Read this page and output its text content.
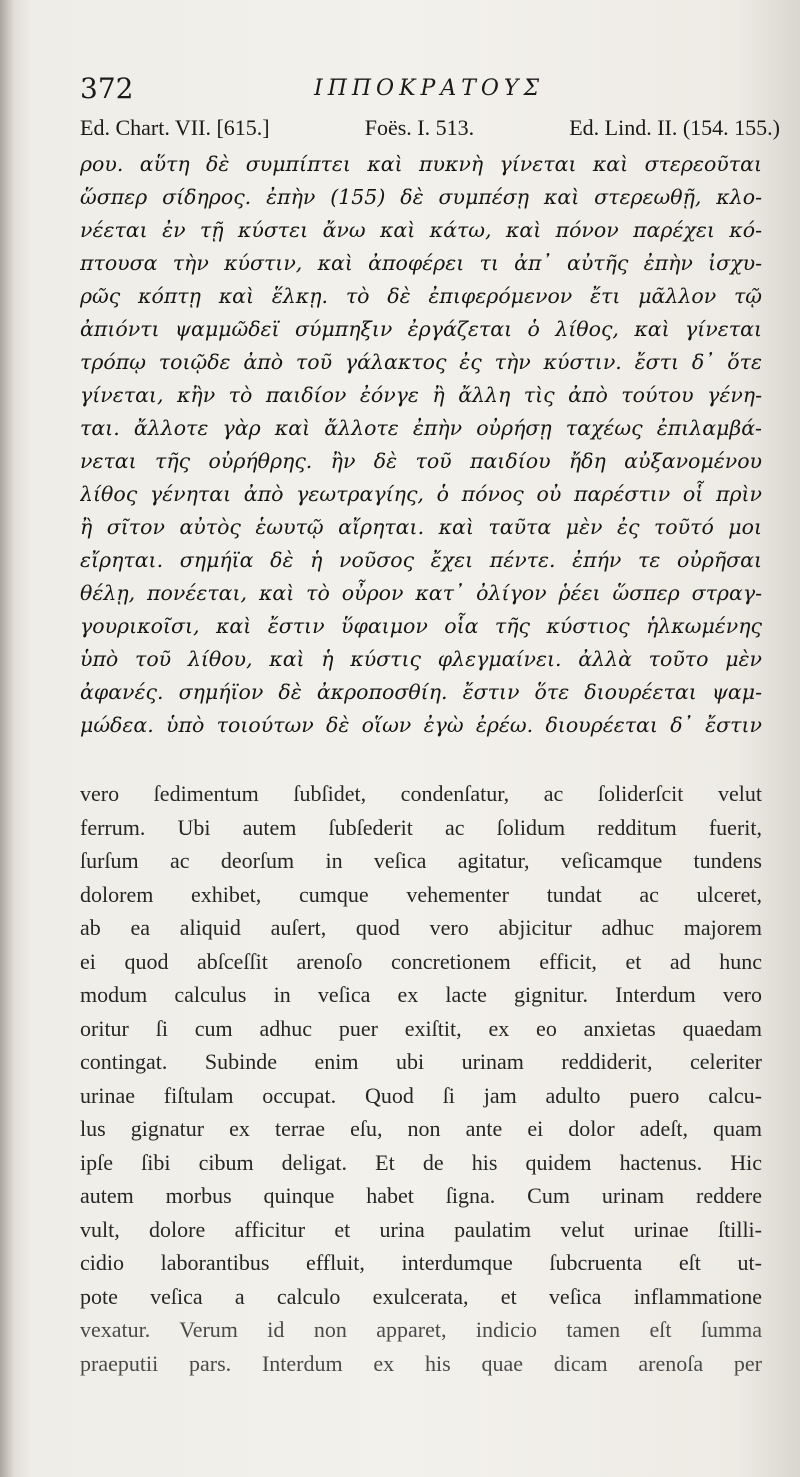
372	ΙΠΠΟΚΡΑΤΟΥΣ
Ed. Chart. VII. [615.]	Foës. I. 513.	Ed. Lind. II. (154. 155.)
ρου. αὕτη δὲ συμπίπτει καὶ πυκνὴ γίνεται καὶ στερεοῦται
ὥσπερ σίδηρος. ἐπὴν (155) δὲ συμπέσῃ καὶ στερεωθῇ, κλο-
νέεται ἐν τῇ κύστει ἄνω καὶ κάτω, καὶ πόνον παρέχει κό-
πτουσα τὴν κύστιν, καὶ ἀποφέρει τι ἀπ᾽ αὐτῆς ἐπὴν ἰσχυ-
ρῶς κόπτῃ καὶ ἕλκῃ. τὸ δὲ ἐπιφερόμενον ἔτι μᾶλλον τῷ
ἀπιόντι ψαμμῶδεϊ σύμπηξιν ἐργάζεται ὁ λίθος, καὶ γίνεται
τρόπῳ τοιῷδε ἀπὸ τοῦ γάλακτος ἐς τὴν κύστιν. ἔστι δ᾽ ὅτε
γίνεται, κἢν τὸ παιδίον ἐόνγε ἢ ἄλλη τὶς ἀπὸ τούτου γένη-
ται. ἄλλοτε γὰρ καὶ ἄλλοτε ἐπὴν οὐρήσῃ ταχέως ἐπιλαμβά-
νεται τῆς οὐρήθρης. ἢν δὲ τοῦ παιδίου ἤδη αὐξανομένου
λίθος γένηται ἀπὸ γεωτραγίης, ὁ πόνος οὐ παρέστιν οἷ πρὶν
ἢ σῖτον αὐτὸς ἑωυτῷ αἴρηται. καὶ ταῦτα μὲν ἐς τοῦτό μοι
εἴρηται. σημήϊα δὲ ἡ νοῦσος ἔχει πέντε. ἐπήν τε οὐρῆσαι
θέλῃ, πονέεται, καὶ τὸ οὖρον κατ᾽ ὀλίγον ῥέει ὥσπερ στραγ-
γουρικοῖσι, καὶ ἔστιν ὕφαιμον οἷα τῆς κύστιος ἡλκωμένης
ὑπὸ τοῦ λίθου, καὶ ἡ κύστις φλεγμαίνει. ἀλλὰ τοῦτο μὲν
ἀφανές. σημήϊον δὲ ἀκροποσθίη. ἔστιν ὅτε διουρέεται ψαμ-
μώδεα. ὑπὸ τοιούτων δὲ οἵων ἐγὼ ἐρέω. διουρέεται δ᾽ ἔστιν
vero ſedimentum ſubſidet, condenſatur, ac ſoliderſcit velut
ferrum. Ubi autem ſubſederit ac ſolidum redditum fuerit,
ſurſum ac deorſum in veſica agitatur, veſicamque tundens
dolorem exhibet, cumque vehementer tundat ac ulceret,
ab ea aliquid auſert, quod vero abjicitur adhuc majorem
ei quod abſceſſit arenoſo concretionem efficit, et ad hunc
modum calculus in veſica ex lacte gignitur. Interdum vero
oritur ſi cum adhuc puer exiſtit, ex eo anxietas quaedam
contingat. Subinde enim ubi urinam reddiderit, celeriter
urinae fiſtulam occupat. Quod ſi jam adulto puero calcu-
lus gignatur ex terrae eſu, non ante ei dolor adeſt, quam
ipſe ſibi cibum deligat. Et de his quidem hactenus. Hic
autem morbus quinque habet ſigna. Cum urinam reddere
vult, dolore afficitur et urina paulatim velut urinae ſtilli-
cidio laborantibus effluit, interdumque ſubcruenta eſt ut-
pote veſica a calculo exulcerata, et veſica inflammatione
vexatur. Verum id non apparet, indicio tamen eſt ſumma
praeputii pars. Interdum ex his quae dicam arenoſa per
